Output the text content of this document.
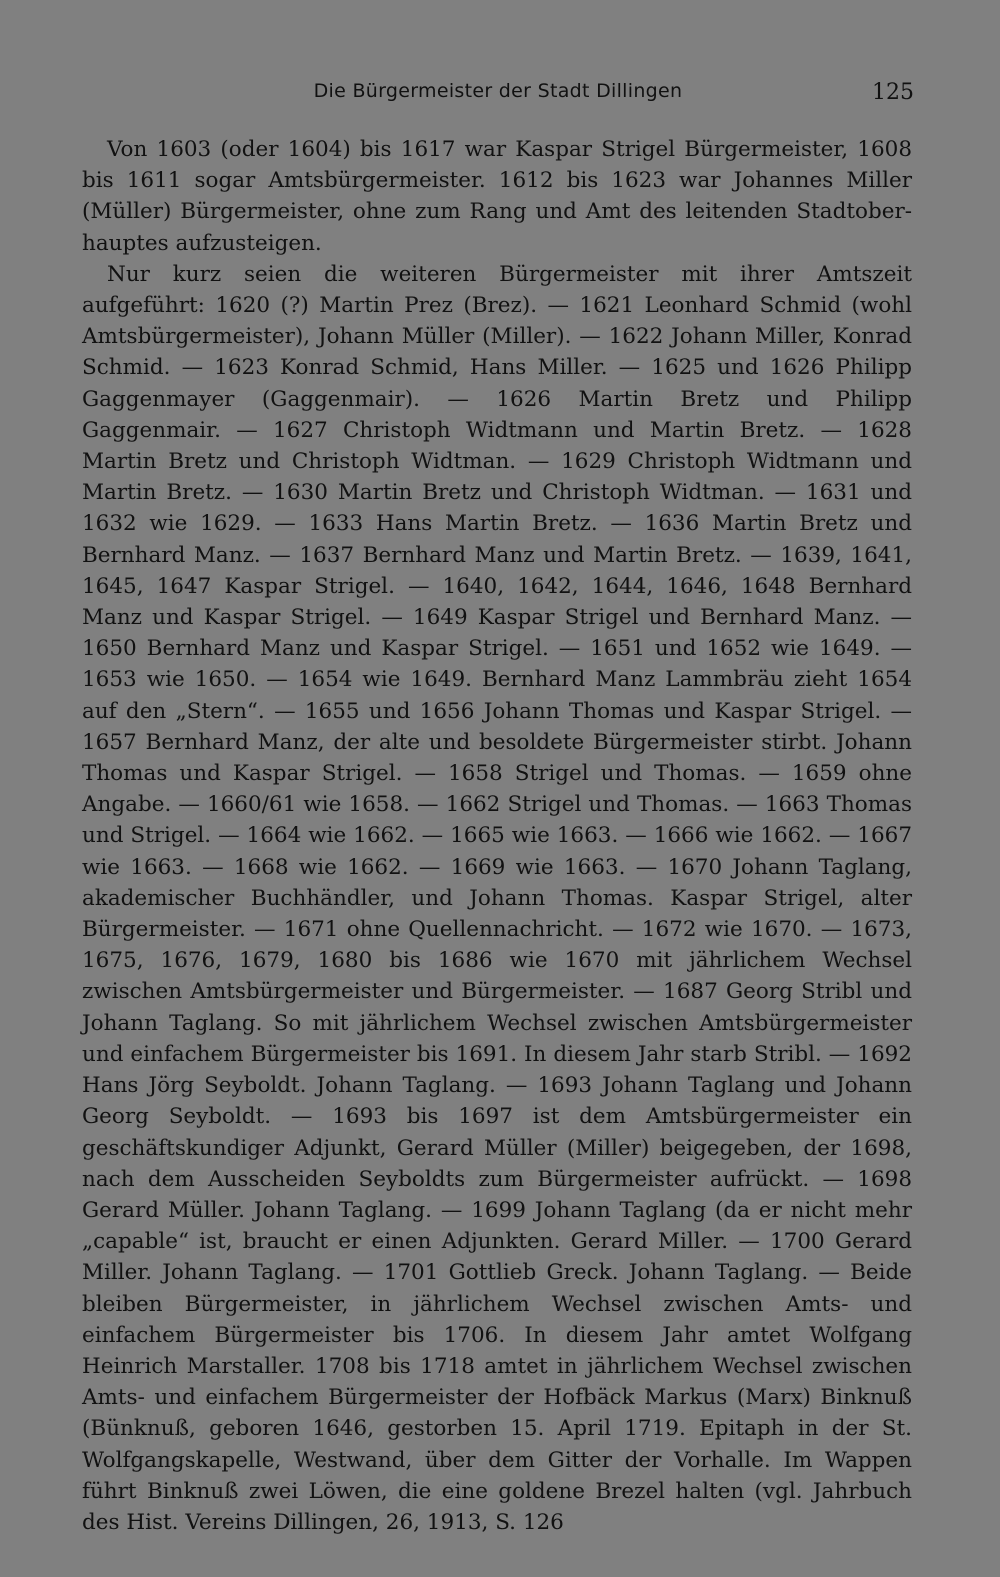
Die Bürgermeister der Stadt Dillingen	125

Von 1603 (oder 1604) bis 1617 war Kaspar Strigel Bürgermeister, 1608 bis 1611 sogar Amtsbürgermeister. 1612 bis 1623 war Johannes Miller (Müller) Bürgermeister, ohne zum Rang und Amt des leitenden Stadtoberhauptes aufzusteigen.

Nur kurz seien die weiteren Bürgermeister mit ihrer Amtszeit aufgeführt: 1620 (?) Martin Prez (Brez). — 1621 Leonhard Schmid (wohl Amtsbürgermeister), Johann Müller (Miller). — 1622 Johann Miller, Konrad Schmid. — 1623 Konrad Schmid, Hans Miller. — 1625 und 1626 Philipp Gaggenmayer (Gaggenmair). — 1626 Martin Bretz und Philipp Gaggenmair. — 1627 Christoph Widtmann und Martin Bretz. — 1628 Martin Bretz und Christoph Widtman. — 1629 Christoph Widtmann und Martin Bretz. — 1630 Martin Bretz und Christoph Widtman. — 1631 und 1632 wie 1629. — 1633 Hans Martin Bretz. — 1636 Martin Bretz und Bernhard Manz. — 1637 Bernhard Manz und Martin Bretz. — 1639, 1641, 1645, 1647 Kaspar Strigel. — 1640, 1642, 1644, 1646, 1648 Bernhard Manz und Kaspar Strigel. — 1649 Kaspar Strigel und Bernhard Manz. — 1650 Bernhard Manz und Kaspar Strigel. — 1651 und 1652 wie 1649. — 1653 wie 1650. — 1654 wie 1649. Bernhard Manz Lammbräu zieht 1654 auf den „Stern“. — 1655 und 1656 Johann Thomas und Kaspar Strigel. — 1657 Bernhard Manz, der alte und besoldete Bürgermeister stirbt. Johann Thomas und Kaspar Strigel. — 1658 Strigel und Thomas. — 1659 ohne Angabe. — 1660/61 wie 1658. — 1662 Strigel und Thomas. — 1663 Thomas und Strigel. — 1664 wie 1662. — 1665 wie 1663. — 1666 wie 1662. — 1667 wie 1663. — 1668 wie 1662. — 1669 wie 1663. — 1670 Johann Taglang, akademischer Buchhändler, und Johann Thomas. Kaspar Strigel, alter Bürgermeister. — 1671 ohne Quellennachricht. — 1672 wie 1670. — 1673, 1675, 1676, 1679, 1680 bis 1686 wie 1670 mit jährlichem Wechsel zwischen Amtsbürgermeister und Bürgermeister. — 1687 Georg Stribl und Johann Taglang. So mit jährlichem Wechsel zwischen Amtsbürgermeister und einfachem Bürgermeister bis 1691. In diesem Jahr starb Stribl. — 1692 Hans Jörg Seyboldt. Johann Taglang. — 1693 Johann Taglang und Johann Georg Seyboldt. — 1693 bis 1697 ist dem Amtsbürgermeister ein geschäftskundiger Adjunkt, Gerard Müller (Miller) beigegeben, der 1698, nach dem Ausscheiden Seyboldts zum Bürgermeister aufrückt. — 1698 Gerard Müller. Johann Taglang. — 1699 Johann Taglang (da er nicht mehr „capable“ ist, braucht er einen Adjunkten. Gerard Miller. — 1700 Gerard Miller. Johann Taglang. — 1701 Gottlieb Greck. Johann Taglang. — Beide bleiben Bürgermeister, in jährlichem Wechsel zwischen Amts- und einfachem Bürgermeister bis 1706. In diesem Jahr amtet Wolfgang Heinrich Marstaller. 1708 bis 1718 amtet in jährlichem Wechsel zwischen Amts- und einfachem Bürgermeister der Hofbäck Markus (Marx) Binknuß (Bünknuß, geboren 1646, gestorben 15. April 1719. Epitaph in der St. Wolfgangskapelle, Westwand, über dem Gitter der Vorhalle. Im Wappen führt Binknuß zwei Löwen, die eine goldene Brezel halten (vgl. Jahrbuch des Hist. Vereins Dillingen, 26, 1913, S. 126
